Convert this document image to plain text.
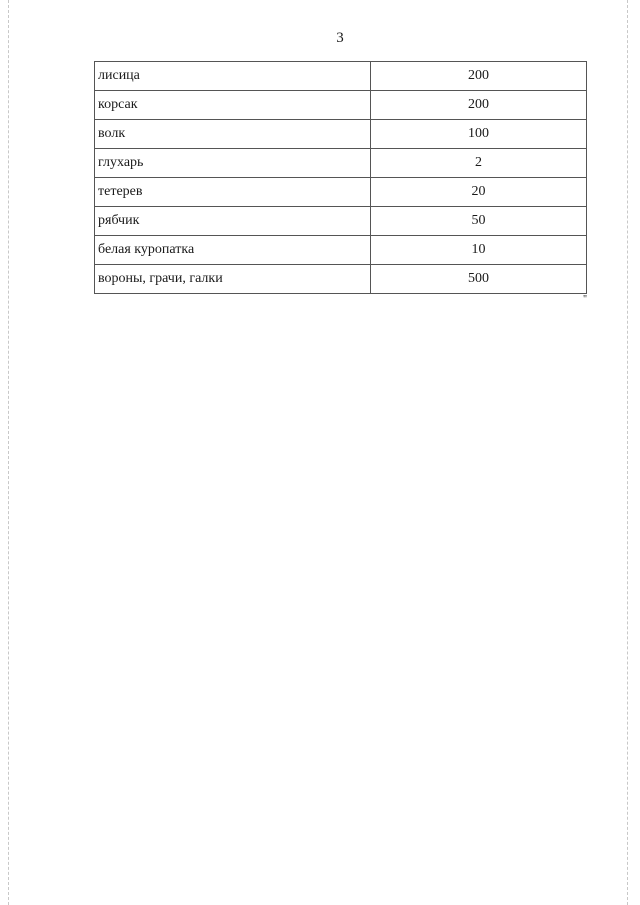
3
лисица	200
корсак	200
волк	100
глухарь	2
тетерев	20
рябчик	50
белая куропатка	10
вороны, грачи, галки	500
"
